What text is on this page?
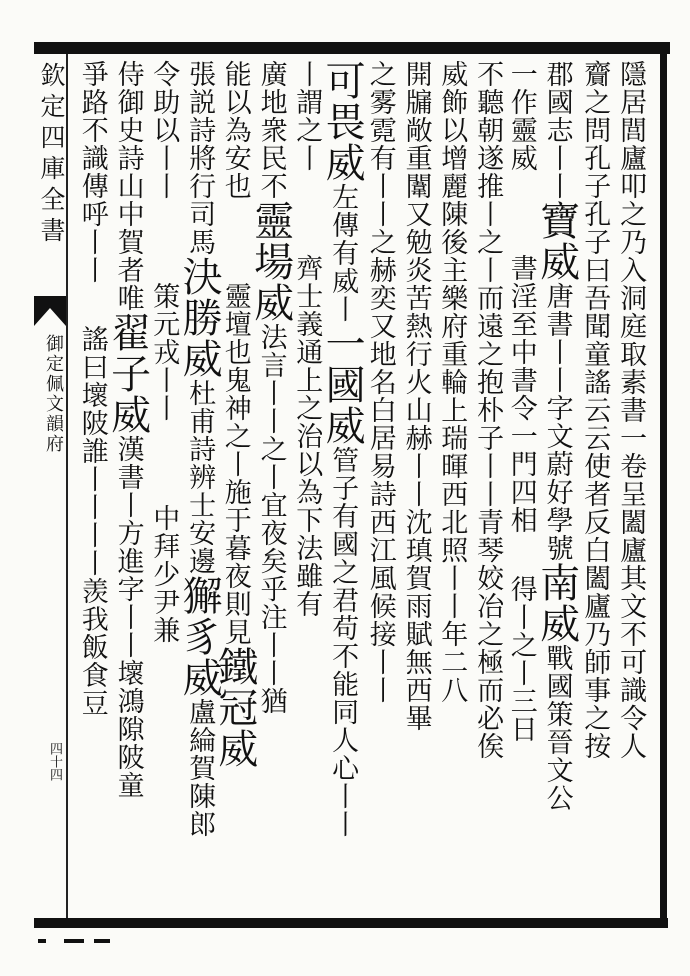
欽定四庫全書
御定佩文韻府
四十四
隱居閭廬叩之乃入洞庭取素書一卷呈闔廬其文不可識令人
齎之問孔子孔子曰吾聞童謠云云使者反白闔廬乃師事之按
郡國志丨丨寶威唐書丨丨字文蔚好學號南威戰國策晉文公
一作靈威　　書淫至中書令一門四相　得丨之丨三日
不聽朝遂推丨之丨而遠之抱朴子丨丨青琴姣冶之極而必俟
威飾以增麗陳後主樂府重輪上瑞暉西北照丨丨年二八
開牖敞重闈又勉炎苦熱行火山赫丨丨沈瑱賀雨賦無西畢
之雾霓有丨丨之赫奕又地名白居易詩西江風候接丨丨
可畏威左傳有威丨一國威管子有國之君苟不能同人心丨丨
丨謂之丨　　齊士義通上之治以為下法雖有
廣地衆民不靈場威法言丨丨之丨宜夜矣乎注丨丨猶
能以為安也　　靈壇也鬼神之丨施于暮夜則見鐵冠威
張説詩將行司馬決勝威杜甫詩辨士安邊獬豸威盧綸賀陳郎
令助以丨丨　　策元戎丨丨　　中拜少尹兼
侍御史詩山中賀者唯翟子威漢書丨方進字丨丨壞鴻隙陂童
爭路不識傳呼丨丨　謠曰壞陂誰丨丨丨丨羡我飯食豆
